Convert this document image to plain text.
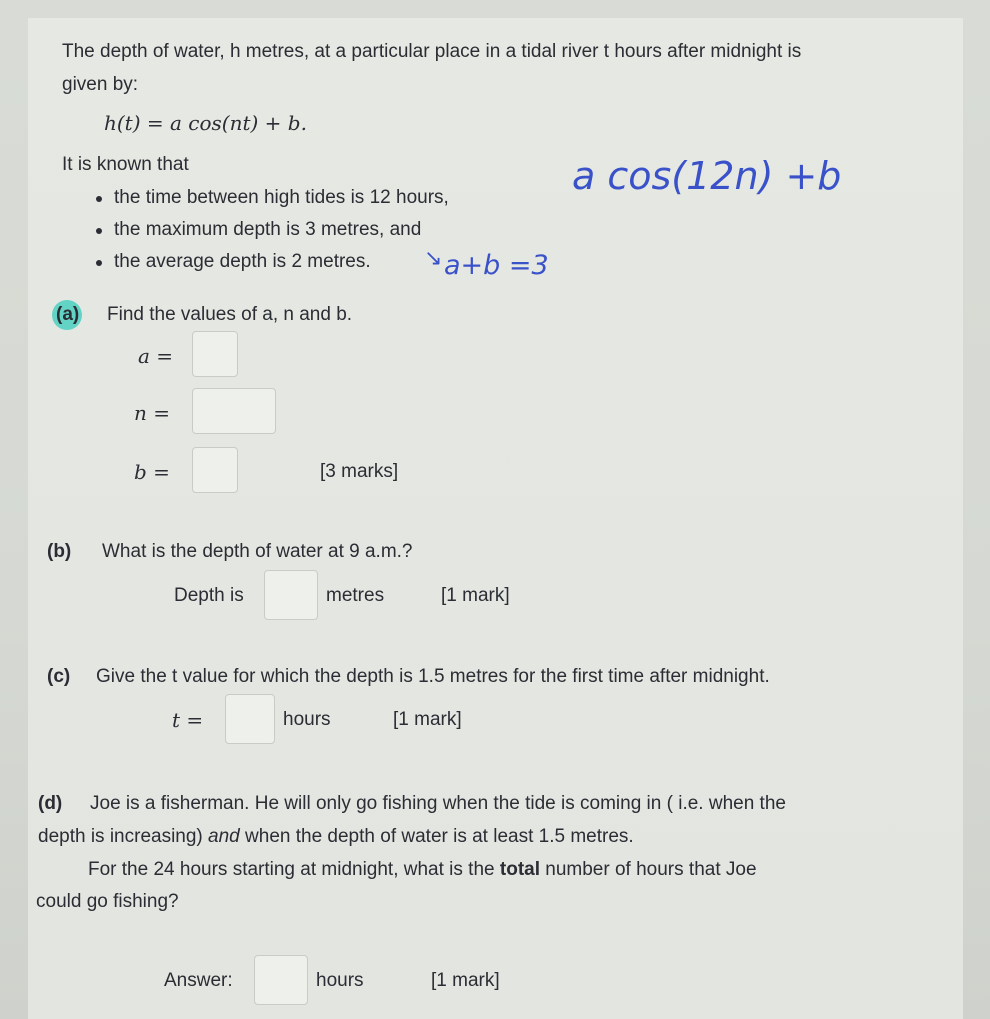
The depth of water, h metres, at a particular place in a tidal river t hours after midnight is
given by:
h(t) = a cos(nt) + b.
It is known that
the time between high tides is 12 hours,
the maximum depth is 3 metres, and
the average depth is 2 metres.
a cos(12n) +b
↘ a+b =3
(a) Find the values of a, n and b.
a =
n =
b =	[3 marks]
(b) What is the depth of water at 9 a.m.?
Depth is	metres	[1 mark]
(c) Give the t value for which the depth is 1.5 metres for the first time after midnight.
t =	hours	[1 mark]
(d) Joe is a fisherman. He will only go fishing when the tide is coming in ( i.e. when the
depth is increasing) and when the depth of water is at least 1.5 metres.
For the 24 hours starting at midnight, what is the total number of hours that Joe
could go fishing?
Answer:	hours	[1 mark]
